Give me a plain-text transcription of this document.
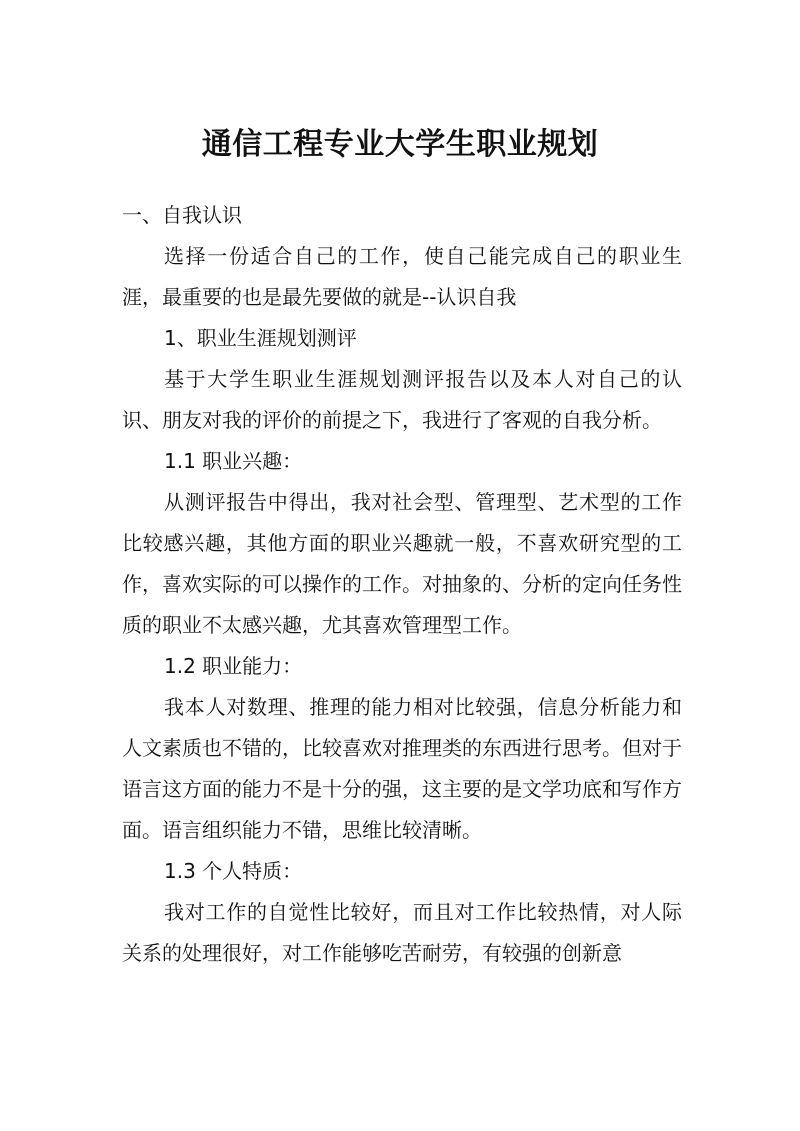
通信工程专业大学生职业规划

一、自我认识

选择一份适合自己的工作，使自己能完成自己的职业生涯，最重要的也是最先要做的就是--认识自我

1、职业生涯规划测评

基于大学生职业生涯规划测评报告以及本人对自己的认识、朋友对我的评价的前提之下，我进行了客观的自我分析。

1.1 职业兴趣：

从测评报告中得出，我对社会型、管理型、艺术型的工作比较感兴趣，其他方面的职业兴趣就一般，不喜欢研究型的工作，喜欢实际的可以操作的工作。对抽象的、分析的定向任务性质的职业不太感兴趣，尤其喜欢管理型工作。

1.2 职业能力：

我本人对数理、推理的能力相对比较强，信息分析能力和人文素质也不错的，比较喜欢对推理类的东西进行思考。但对于语言这方面的能力不是十分的强，这主要的是文学功底和写作方面。语言组织能力不错，思维比较清晰。

1.3 个人特质：

我对工作的自觉性比较好，而且对工作比较热情，对人际关系的处理很好，对工作能够吃苦耐劳，有较强的创新意
